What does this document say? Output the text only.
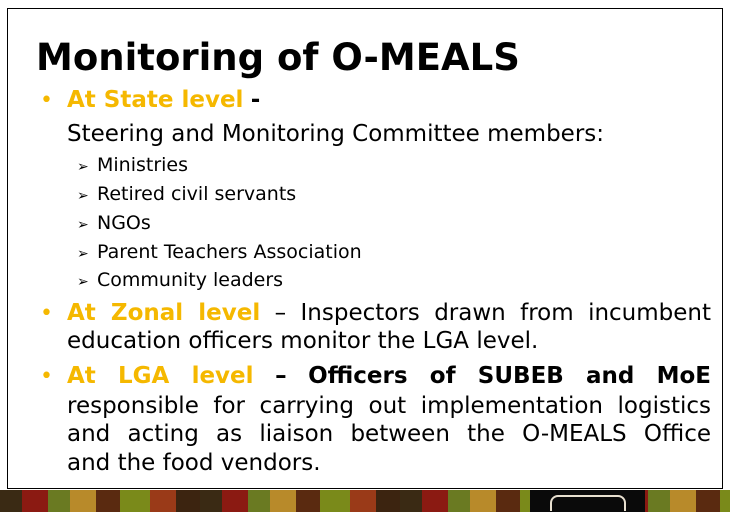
Monitoring of O-MEALS
• At State level -
Steering and Monitoring Committee members:
➢ Ministries
➢ Retired civil servants
➢ NGOs
➢ Parent Teachers Association
➢ Community leaders
• At Zonal level – Inspectors drawn from incumbent
education officers monitor the LGA level.
• At LGA level – Officers of SUBEB and MoE
responsible for carrying out implementation logistics
and acting as liaison between the O-MEALS Office
and the food vendors.
